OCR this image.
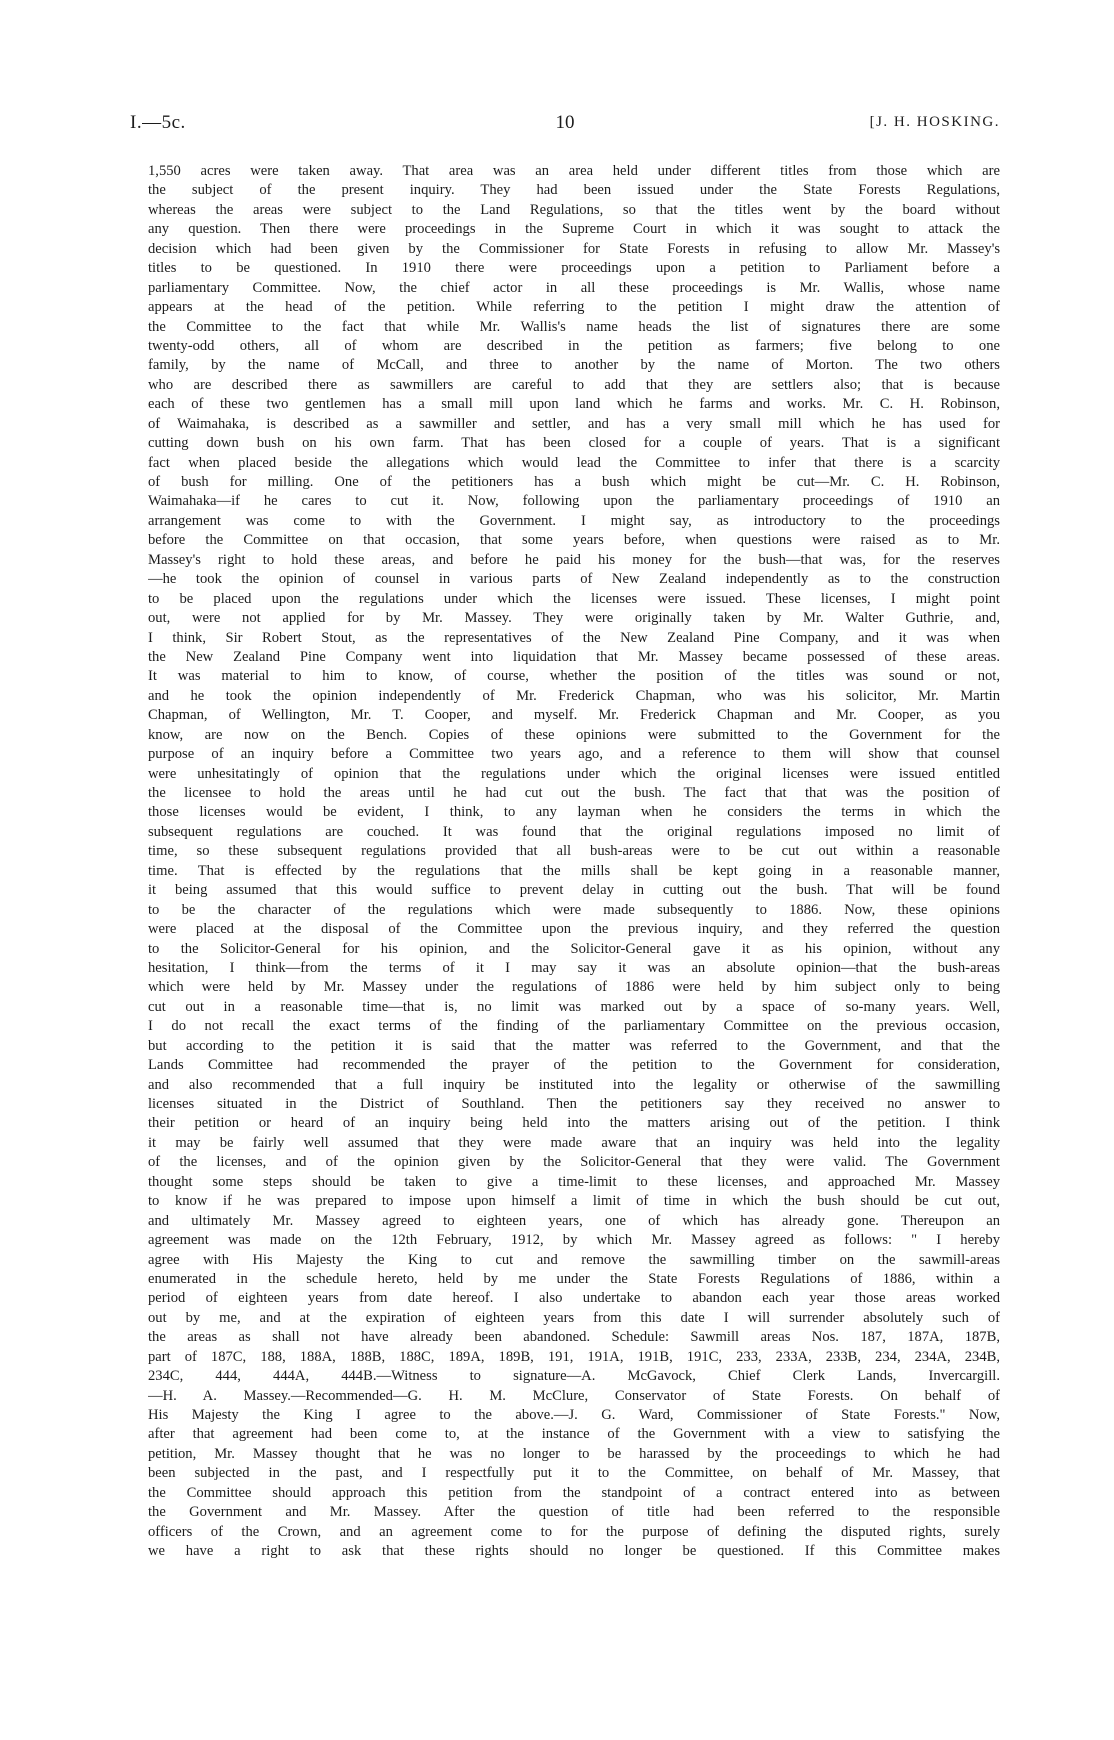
I.—5c.	10	[J. H. HOSKING.
1,550 acres were taken away. That area was an area held under different titles from those which are
the subject of the present inquiry. They had been issued under the State Forests Regulations,
whereas the areas were subject to the Land Regulations, so that the titles went by the board without
any question. Then there were proceedings in the Supreme Court in which it was sought to attack the
decision which had been given by the Commissioner for State Forests in refusing to allow Mr. Massey's
titles to be questioned. In 1910 there were proceedings upon a petition to Parliament before a
parliamentary Committee. Now, the chief actor in all these proceedings is Mr. Wallis, whose name
appears at the head of the petition. While referring to the petition I might draw the attention of
the Committee to the fact that while Mr. Wallis's name heads the list of signatures there are some
twenty-odd others, all of whom are described in the petition as farmers; five belong to one
family, by the name of McCall, and three to another by the name of Morton. The two others
who are described there as sawmillers are careful to add that they are settlers also; that is because
each of these two gentlemen has a small mill upon land which he farms and works. Mr. C. H. Robinson,
of Waimahaka, is described as a sawmiller and settler, and has a very small mill which he has used for
cutting down bush on his own farm. That has been closed for a couple of years. That is a significant
fact when placed beside the allegations which would lead the Committee to infer that there is a scarcity
of bush for milling. One of the petitioners has a bush which might be cut—Mr. C. H. Robinson,
Waimahaka—if he cares to cut it. Now, following upon the parliamentary proceedings of 1910 an
arrangement was come to with the Government. I might say, as introductory to the proceedings
before the Committee on that occasion, that some years before, when questions were raised as to Mr.
Massey's right to hold these areas, and before he paid his money for the bush—that was, for the reserves
—he took the opinion of counsel in various parts of New Zealand independently as to the construction
to be placed upon the regulations under which the licenses were issued. These licenses, I might point
out, were not applied for by Mr. Massey. They were originally taken by Mr. Walter Guthrie, and,
I think, Sir Robert Stout, as the representatives of the New Zealand Pine Company, and it was when
the New Zealand Pine Company went into liquidation that Mr. Massey became possessed of these areas.
It was material to him to know, of course, whether the position of the titles was sound or not,
and he took the opinion independently of Mr. Frederick Chapman, who was his solicitor, Mr. Martin
Chapman, of Wellington, Mr. T. Cooper, and myself. Mr. Frederick Chapman and Mr. Cooper, as you
know, are now on the Bench. Copies of these opinions were submitted to the Government for the
purpose of an inquiry before a Committee two years ago, and a reference to them will show that counsel
were unhesitatingly of opinion that the regulations under which the original licenses were issued entitled
the licensee to hold the areas until he had cut out the bush. The fact that that was the position of
those licenses would be evident, I think, to any layman when he considers the terms in which the
subsequent regulations are couched. It was found that the original regulations imposed no limit of
time, so these subsequent regulations provided that all bush-areas were to be cut out within a reasonable
time. That is effected by the regulations that the mills shall be kept going in a reasonable manner,
it being assumed that this would suffice to prevent delay in cutting out the bush. That will be found
to be the character of the regulations which were made subsequently to 1886. Now, these opinions
were placed at the disposal of the Committee upon the previous inquiry, and they referred the question
to the Solicitor-General for his opinion, and the Solicitor-General gave it as his opinion, without any
hesitation, I think—from the terms of it I may say it was an absolute opinion—that the bush-areas
which were held by Mr. Massey under the regulations of 1886 were held by him subject only to being
cut out in a reasonable time—that is, no limit was marked out by a space of so-many years. Well,
I do not recall the exact terms of the finding of the parliamentary Committee on the previous occasion,
but according to the petition it is said that the matter was referred to the Government, and that the
Lands Committee had recommended the prayer of the petition to the Government for consideration,
and also recommended that a full inquiry be instituted into the legality or otherwise of the sawmilling
licenses situated in the District of Southland. Then the petitioners say they received no answer to
their petition or heard of an inquiry being held into the matters arising out of the petition. I think
it may be fairly well assumed that they were made aware that an inquiry was held into the legality
of the licenses, and of the opinion given by the Solicitor-General that they were valid. The Government
thought some steps should be taken to give a time-limit to these licenses, and approached Mr. Massey
to know if he was prepared to impose upon himself a limit of time in which the bush should be cut out,
and ultimately Mr. Massey agreed to eighteen years, one of which has already gone. Thereupon an
agreement was made on the 12th February, 1912, by which Mr. Massey agreed as follows: " I hereby
agree with His Majesty the King to cut and remove the sawmilling timber on the sawmill-areas
enumerated in the schedule hereto, held by me under the State Forests Regulations of 1886, within a
period of eighteen years from date hereof. I also undertake to abandon each year those areas worked
out by me, and at the expiration of eighteen years from this date I will surrender absolutely such of
the areas as shall not have already been abandoned. Schedule: Sawmill areas Nos. 187, 187A, 187B,
part of 187C, 188, 188A, 188B, 188C, 189A, 189B, 191, 191A, 191B, 191C, 233, 233A, 233B, 234, 234A, 234B,
234C, 444, 444A, 444B.—Witness to signature—A. McGavock, Chief Clerk Lands, Invercargill.
—H. A. Massey.—Recommended—G. H. M. McClure, Conservator of State Forests. On behalf of
His Majesty the King I agree to the above.—J. G. Ward, Commissioner of State Forests." Now,
after that agreement had been come to, at the instance of the Government with a view to satisfying the
petition, Mr. Massey thought that he was no longer to be harassed by the proceedings to which he had
been subjected in the past, and I respectfully put it to the Committee, on behalf of Mr. Massey, that
the Committee should approach this petition from the standpoint of a contract entered into as between
the Government and Mr. Massey. After the question of title had been referred to the responsible
officers of the Crown, and an agreement come to for the purpose of defining the disputed rights, surely
we have a right to ask that these rights should no longer be questioned. If this Committee makes
